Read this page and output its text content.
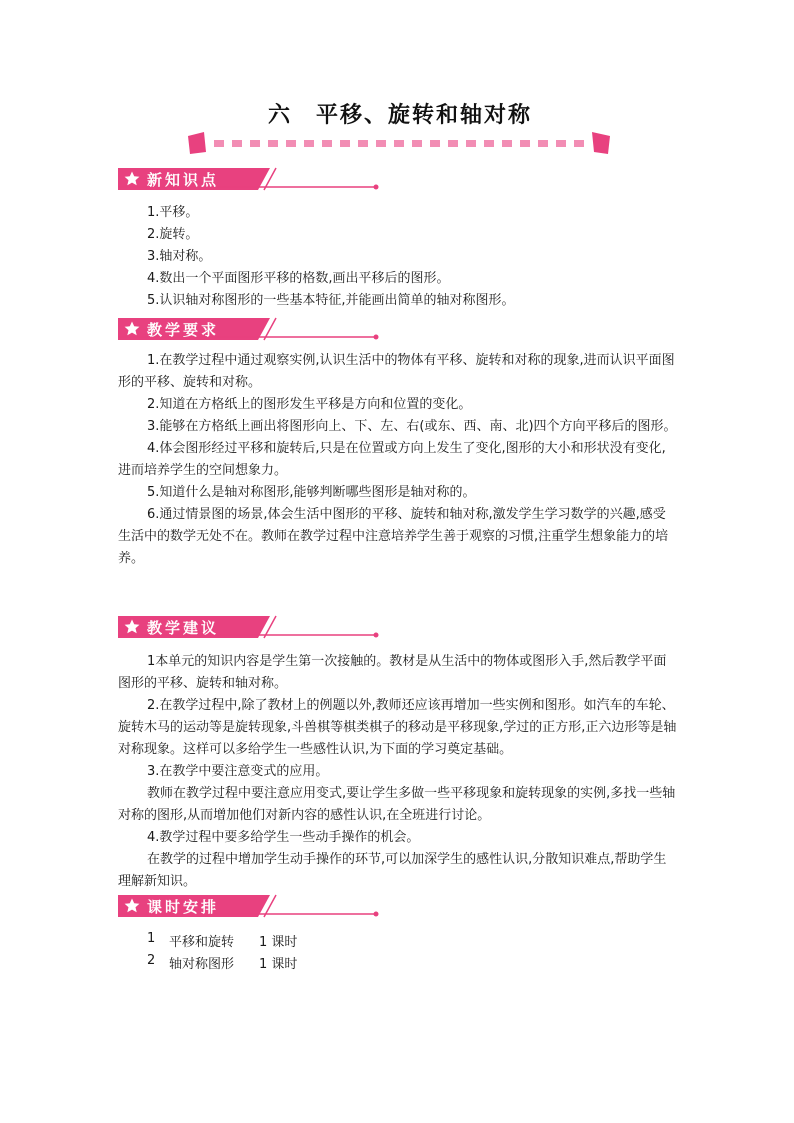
六 平移、旋转和轴对称
新知识点

1.平移。

2.旋转。

3.轴对称。

4.数出一个平面图形平移的格数,画出平移后的图形。

5.认识轴对称图形的一些基本特征,并能画出简单的轴对称图形。

教学要求

1.在教学过程中通过观察实例,认识生活中的物体有平移、旋转和对称的现象,进而认识平面图形的平移、旋转和对称。

2.知道在方格纸上的图形发生平移是方向和位置的变化。

3.能够在方格纸上画出将图形向上、下、左、右(或东、西、南、北)四个方向平移后的图形。

4.体会图形经过平移和旋转后,只是在位置或方向上发生了变化,图形的大小和形状没有变化,进而培养学生的空间想象力。

5.知道什么是轴对称图形,能够判断哪些图形是轴对称的。

6.通过情景图的场景,体会生活中图形的平移、旋转和轴对称,激发学生学习数学的兴趣,感受生活中的数学无处不在。教师在教学过程中注意培养学生善于观察的习惯,注重学生想象能力的培养。

教学建议

1本单元的知识内容是学生第一次接触的。教材是从生活中的物体或图形入手,然后教学平面图形的平移、旋转和轴对称。

2.在教学过程中,除了教材上的例题以外,教师还应该再增加一些实例和图形。如汽车的车轮、旋转木马的运动等是旋转现象,斗兽棋等棋类棋子的移动是平移现象,学过的正方形,正六边形等是轴对称现象。这样可以多给学生一些感性认识,为下面的学习奠定基础。

3.在教学中要注意变式的应用。

教师在教学过程中要注意应用变式,要让学生多做一些平移现象和旋转现象的实例,多找一些轴对称的图形,从而增加他们对新内容的感性认识,在全班进行讨论。

4.教学过程中要多给学生一些动手操作的机会。

在教学的过程中增加学生动手操作的环节,可以加深学生的感性认识,分散知识难点,帮助学生理解新知识。

课时安排
1 平移和旋转 1 课时
2 轴对称图形 1 课时
